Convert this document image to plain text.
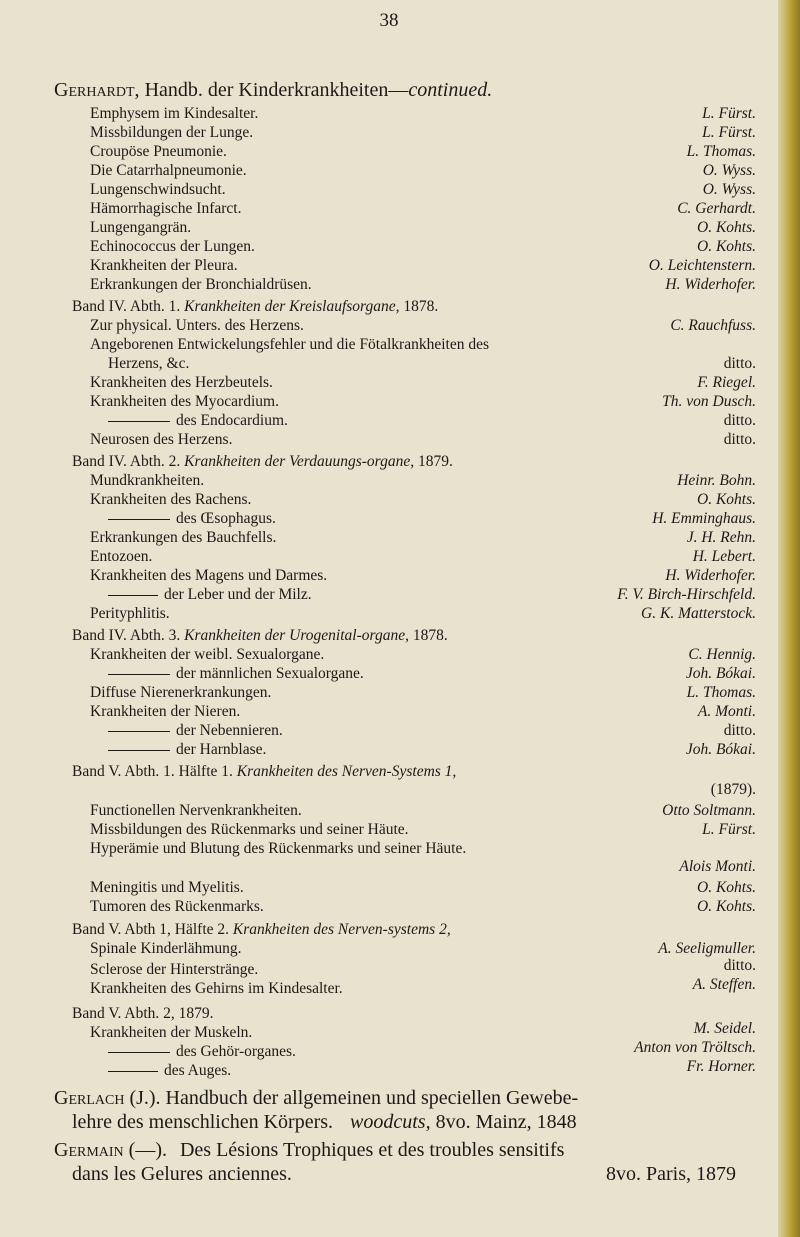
38
Gerhardt, Handb. der Kinderkrankheiten—continued.
Emphysem im Kindesalter.	L. Fürst.
Missbildungen der Lunge.	L. Fürst.
Croupöse Pneumonie.	L. Thomas.
Die Catarrhalpneumonie.	O. Wyss.
Lungenschwindsucht.	O. Wyss.
Hämorrhagische Infarct.	C. Gerhardt.
Lungengangrän.	O. Kohts.
Echinococcus der Lungen.	O. Kohts.
Krankheiten der Pleura.	O. Leichtenstern.
Erkrankungen der Bronchialdrüsen.	H. Widerhofer.
Band IV. Abth. 1. Krankheiten der Kreislaufsorgane, 1878.
Zur physical. Unters. des Herzens.	C. Rauchfuss.
Angeborenen Entwickelungsfehler und die Fötalkrankheiten des
Herzens, &c.	ditto.
Krankheiten des Herzbeutels.	F. Riegel.
Krankheiten des Myocardium.	Th. von Dusch.
des Endocardium.	ditto.
Neurosen des Herzens.	ditto.
Band IV. Abth. 2. Krankheiten der Verdauungs-organe, 1879.
Mundkrankheiten.	Heinr. Bohn.
Krankheiten des Rachens.	O. Kohts.
des Œsophagus.	H. Emminghaus.
Erkrankungen des Bauchfells.	J. H. Rehn.
Entozoen.	H. Lebert.
Krankheiten des Magens und Darmes.	H. Widerhofer.
der Leber und der Milz.	F. V. Birch-Hirschfeld.
Perityphlitis.	G. K. Matterstock.
Band IV. Abth. 3. Krankheiten der Urogenital-organe, 1878.
Krankheiten der weibl. Sexualorgane.	C. Hennig.
der männlichen Sexualorgane.	Joh. Bókai.
Diffuse Nierenerkrankungen.	L. Thomas.
Krankheiten der Nieren.	A. Monti.
der Nebennieren.	ditto.
der Harnblase.	Joh. Bókai.
Band V. Abth. 1. Hälfte 1. Krankheiten des Nerven-Systems 1,
(1879).
Functionellen Nervenkrankheiten.	Otto Soltmann.
Missbildungen des Rückenmarks und seiner Häute.	L. Fürst.
Hyperämie und Blutung des Rückenmarks und seiner Häute.
Alois Monti.
Meningitis und Myelitis.	O. Kohts.
Tumoren des Rückenmarks.	O. Kohts.
Band V. Abth 1, Hälfte 2. Krankheiten des Nerven-systems 2,
Spinale Kinderlähmung.	A. Seeligmuller.
Sclerose der Hinterstränge.	ditto.
Krankheiten des Gehirns im Kindesalter.	A. Steffen.
Band V. Abth. 2, 1879.
Krankheiten der Muskeln.	M. Seidel.
des Gehör-organes.	Anton von Tröltsch.
des Auges.	Fr. Horner.
Gerlach (J.). Handbuch der allgemeinen und speciellen Gewebe-
lehre des menschlichen Körpers. woodcuts, 8vo. Mainz, 1848
Germain (—). Des Lésions Trophiques et des troubles sensitifs
dans les Gelures anciennes.	8vo. Paris, 1879
